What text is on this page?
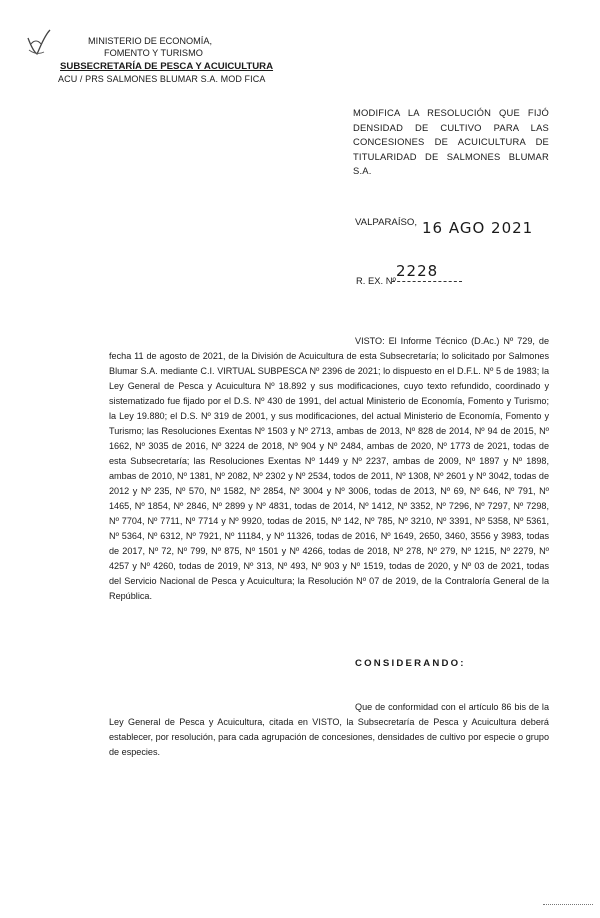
MINISTERIO DE ECONOMÍA,
FOMENTO Y TURISMO
SUBSECRETARÍA DE PESCA Y ACUICULTURA
ACU / PRS SALMONES BLUMAR S.A. MOD FICA
MODIFICA LA RESOLUCIÓN QUE FIJÓ DENSIDAD DE CULTIVO PARA LAS CONCESIONES DE ACUICULTURA DE TITULARIDAD DE SALMONES BLUMAR S.A.
VALPARAÍSO, 16 AGO 2021
R. EX. Nº
2228
VISTO: El Informe Técnico (D.Ac.) Nº 729, de fecha 11 de agosto de 2021, de la División de Acuicultura de esta Subsecretaría; lo solicitado por Salmones Blumar S.A. mediante C.I. VIRTUAL SUBPESCA Nº 2396 de 2021; lo dispuesto en el D.F.L. Nº 5 de 1983; la Ley General de Pesca y Acuicultura Nº 18.892 y sus modificaciones, cuyo texto refundido, coordinado y sistematizado fue fijado por el D.S. Nº 430 de 1991, del actual Ministerio de Economía, Fomento y Turismo; la Ley 19.880; el D.S. Nº 319 de 2001, y sus modificaciones, del actual Ministerio de Economía, Fomento y Turismo; las Resoluciones Exentas Nº 1503 y Nº 2713, ambas de 2013, Nº 828 de 2014, Nº 94 de 2015, Nº 1662, Nº 3035 de 2016, Nº 3224 de 2018, Nº 904 y Nº 2484, ambas de 2020, Nº 1773 de 2021, todas de esta Subsecretaría; las Resoluciones Exentas Nº 1449 y Nº 2237, ambas de 2009, Nº 1897 y Nº 1898, ambas de 2010, Nº 1381, Nº 2082, Nº 2302 y Nº 2534, todos de 2011, Nº 1308, Nº 2601 y Nº 3042, todas de 2012 y Nº 235, Nº 570, Nº 1582, Nº 2854, Nº 3004 y Nº 3006, todas de 2013, Nº 69, Nº 646, Nº 791, Nº 1465, Nº 1854, Nº 2846, Nº 2899 y Nº 4831, todas de 2014, Nº 1412, Nº 3352, Nº 7296, Nº 7297, Nº 7298, Nº 7704, Nº 7711, Nº 7714 y Nº 9920, todas de 2015, Nº 142, Nº 785, Nº 3210, Nº 3391, Nº 5358, Nº 5361, Nº 5364, Nº 6312, Nº 7921, Nº 11184, y Nº 11326, todas de 2016, Nº 1649, 2650, 3460, 3556 y 3983, todas de 2017, Nº 72, Nº 799, Nº 875, Nº 1501 y Nº 4266, todas de 2018, Nº 278, Nº 279, Nº 1215, Nº 2279, Nº 4257 y Nº 4260, todas de 2019, Nº 313, Nº 493, Nº 903 y Nº 1519, todas de 2020, y Nº 03 de 2021, todas del Servicio Nacional de Pesca y Acuicultura; la Resolución Nº 07 de 2019, de la Contraloría General de la República.
CONSIDERANDO:
Que de conformidad con el artículo 86 bis de la Ley General de Pesca y Acuicultura, citada en VISTO, la Subsecretaría de Pesca y Acuicultura deberá establecer, por resolución, para cada agrupación de concesiones, densidades de cultivo por especie o grupo de especies.
